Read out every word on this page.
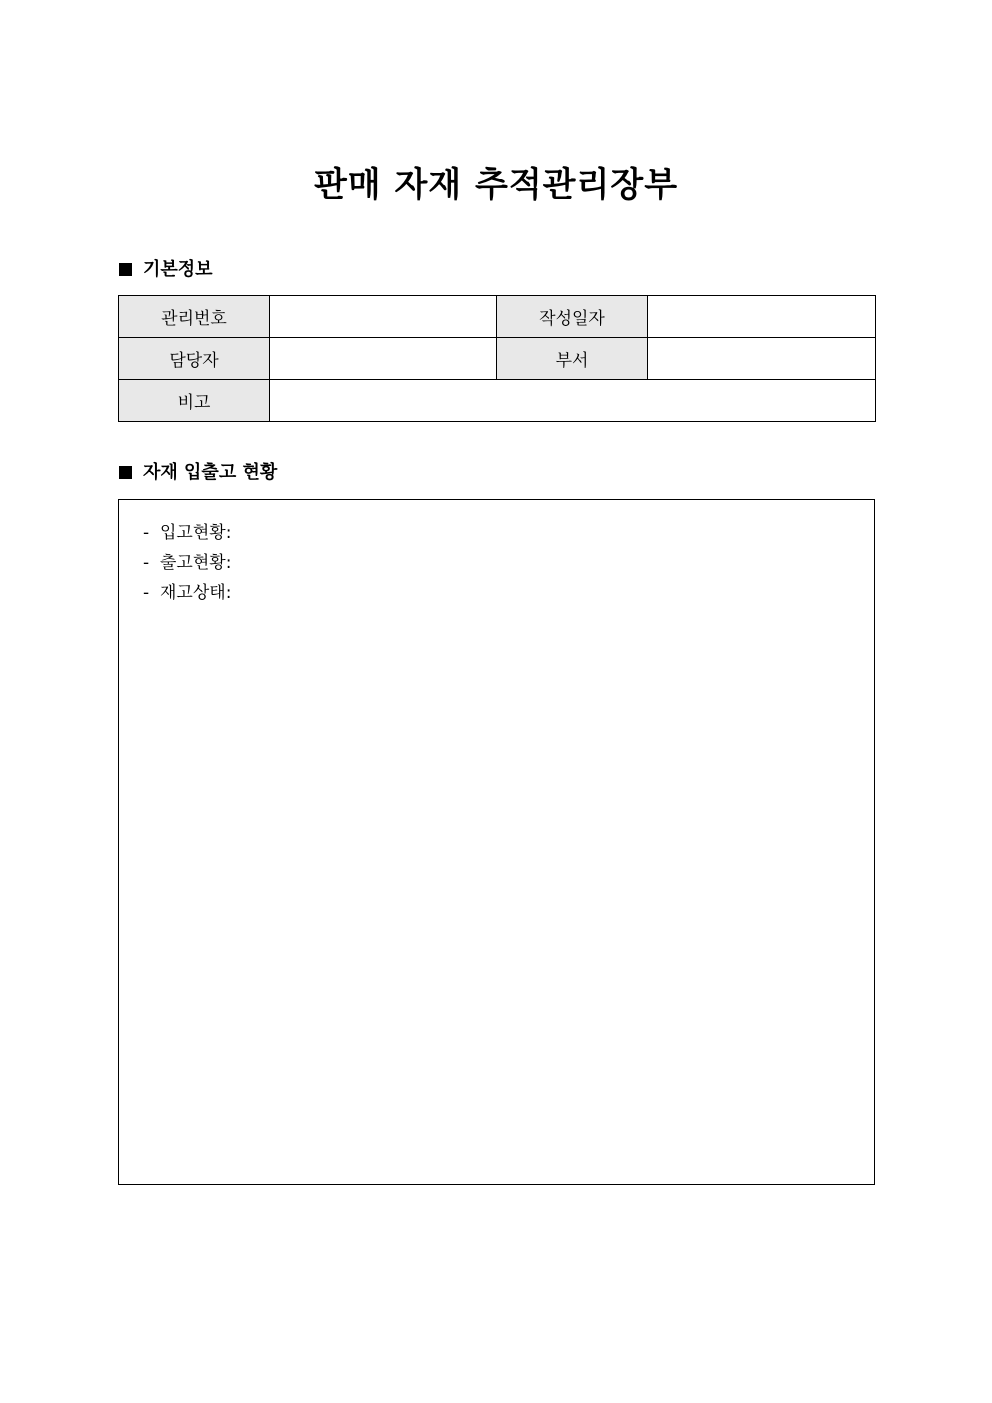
판매 자재 추적관리장부
기본정보
관리번호		작성일자	
담당자		부서	
비고			
자재 입출고 현황
- 입고현황:
- 출고현황:
- 재고상태:
